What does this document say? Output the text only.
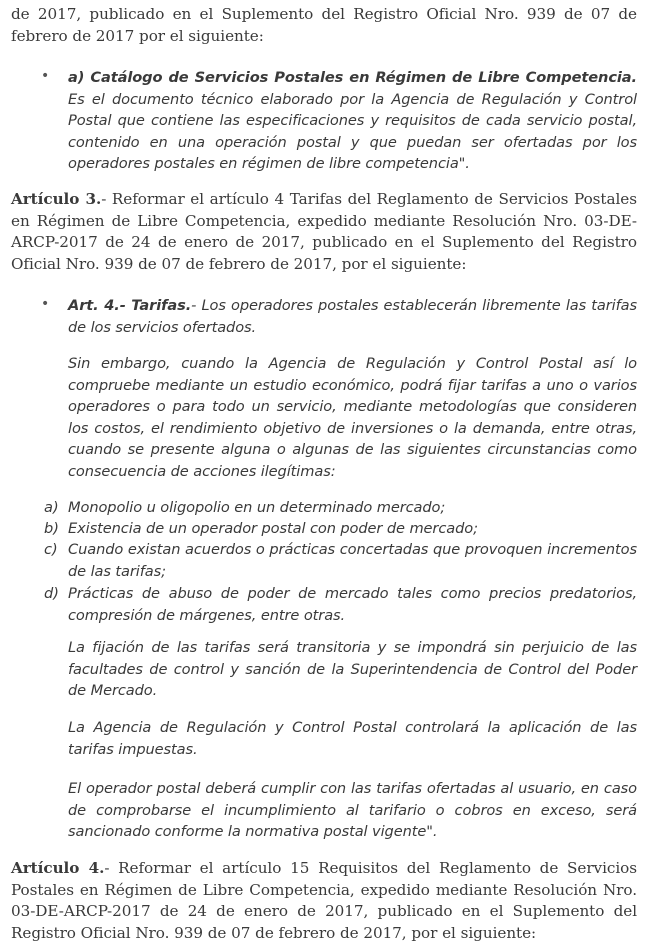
de 2017, publicado en el Suplemento del Registro Oficial Nro. 939 de 07 de febrero de 2017 por el siguiente:

• a) Catálogo de Servicios Postales en Régimen de Libre Competencia. Es el documento técnico elaborado por la Agencia de Regulación y Control Postal que contiene las especificaciones y requisitos de cada servicio postal, contenido en una operación postal y que puedan ser ofertadas por los operadores postales en régimen de libre competencia".

Artículo 3.- Reformar el artículo 4 Tarifas del Reglamento de Servicios Postales en Régimen de Libre Competencia, expedido mediante Resolución Nro. 03-DE-ARCP-2017 de 24 de enero de 2017, publicado en el Suplemento del Registro Oficial Nro. 939 de 07 de febrero de 2017, por el siguiente:

• Art. 4.- Tarifas.- Los operadores postales establecerán libremente las tarifas de los servicios ofertados.

Sin embargo, cuando la Agencia de Regulación y Control Postal así lo compruebe mediante un estudio económico, podrá fijar tarifas a uno o varios operadores o para todo un servicio, mediante metodologías que consideren los costos, el rendimiento objetivo de inversiones o la demanda, entre otras, cuando se presente alguna o algunas de las siguientes circunstancias como consecuencia de acciones ilegítimas:

a) Monopolio u oligopolio en un determinado mercado;

b) Existencia de un operador postal con poder de mercado;

c) Cuando existan acuerdos o prácticas concertadas que provoquen incrementos de las tarifas;

d) Prácticas de abuso de poder de mercado tales como precios predatorios, compresión de márgenes, entre otras.

La fijación de las tarifas será transitoria y se impondrá sin perjuicio de las facultades de control y sanción de la Superintendencia de Control del Poder de Mercado.

La Agencia de Regulación y Control Postal controlará la aplicación de las tarifas impuestas.

El operador postal deberá cumplir con las tarifas ofertadas al usuario, en caso de comprobarse el incumplimiento al tarifario o cobros en exceso, será sancionado conforme la normativa postal vigente".

Artículo 4.- Reformar el artículo 15 Requisitos del Reglamento de Servicios Postales en Régimen de Libre Competencia, expedido mediante Resolución Nro. 03-DE-ARCP-2017 de 24 de enero de 2017, publicado en el Suplemento del Registro Oficial Nro. 939 de 07 de febrero de 2017, por el siguiente:
